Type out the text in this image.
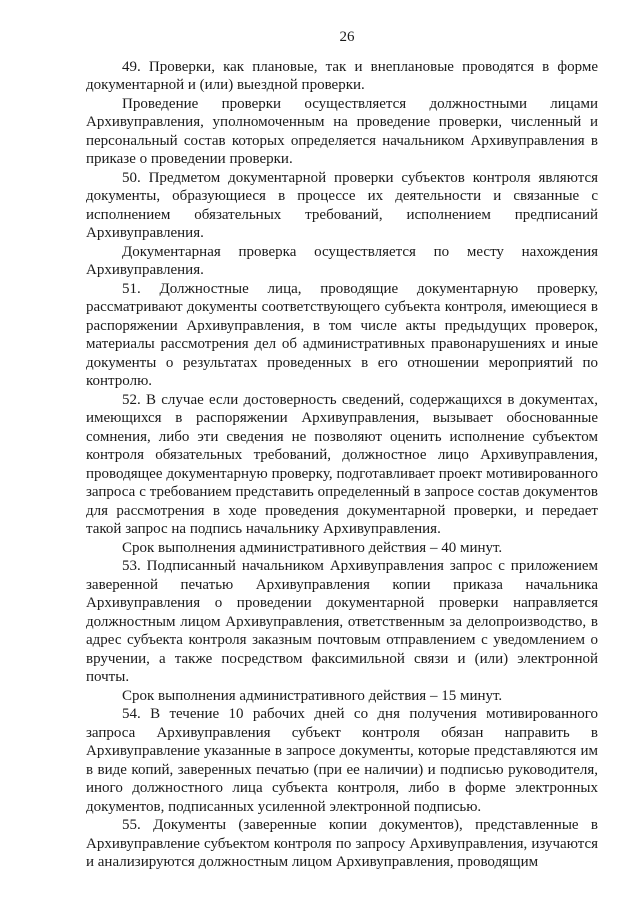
26

49. Проверки, как плановые, так и внеплановые проводятся в форме документарной и (или) выездной проверки.

Проведение проверки осуществляется должностными лицами Архивуправления, уполномоченным на проведение проверки, численный и персональный состав которых определяется начальником Архивуправления в приказе о проведении проверки.

50. Предметом документарной проверки субъектов контроля являются документы, образующиеся в процессе их деятельности и связанные с исполнением обязательных требований, исполнением предписаний Архивуправления.

Документарная проверка осуществляется по месту нахождения Архивуправления.

51. Должностные лица, проводящие документарную проверку, рассматривают документы соответствующего субъекта контроля, имеющиеся в распоряжении Архивуправления, в том числе акты предыдущих проверок, материалы рассмотрения дел об административных правонарушениях и иные документы о результатах проведенных в его отношении мероприятий по контролю.

52. В случае если достоверность сведений, содержащихся в документах, имеющихся в распоряжении Архивуправления, вызывает обоснованные сомнения, либо эти сведения не позволяют оценить исполнение субъектом контроля обязательных требований, должностное лицо Архивуправления, проводящее документарную проверку, подготавливает проект мотивированного запроса с требованием представить определенный в запросе состав документов для рассмотрения в ходе проведения документарной проверки, и передает такой запрос на подпись начальнику Архивуправления.

Срок выполнения административного действия – 40 минут.

53. Подписанный начальником Архивуправления запрос с приложением заверенной печатью Архивуправления копии приказа начальника Архивуправления о проведении документарной проверки направляется должностным лицом Архивуправления, ответственным за делопроизводство, в адрес субъекта контроля заказным почтовым отправлением с уведомлением о вручении, а также посредством факсимильной связи и (или) электронной почты.

Срок выполнения административного действия – 15 минут.

54. В течение 10 рабочих дней со дня получения мотивированного запроса Архивуправления субъект контроля обязан направить в Архивуправление указанные в запросе документы, которые представляются им в виде копий, заверенных печатью (при ее наличии) и подписью руководителя, иного должностного лица субъекта контроля, либо в форме электронных документов, подписанных усиленной электронной подписью.

55. Документы (заверенные копии документов), представленные в Архивуправление субъектом контроля по запросу Архивуправления, изучаются и анализируются должностным лицом Архивуправления, проводящим
